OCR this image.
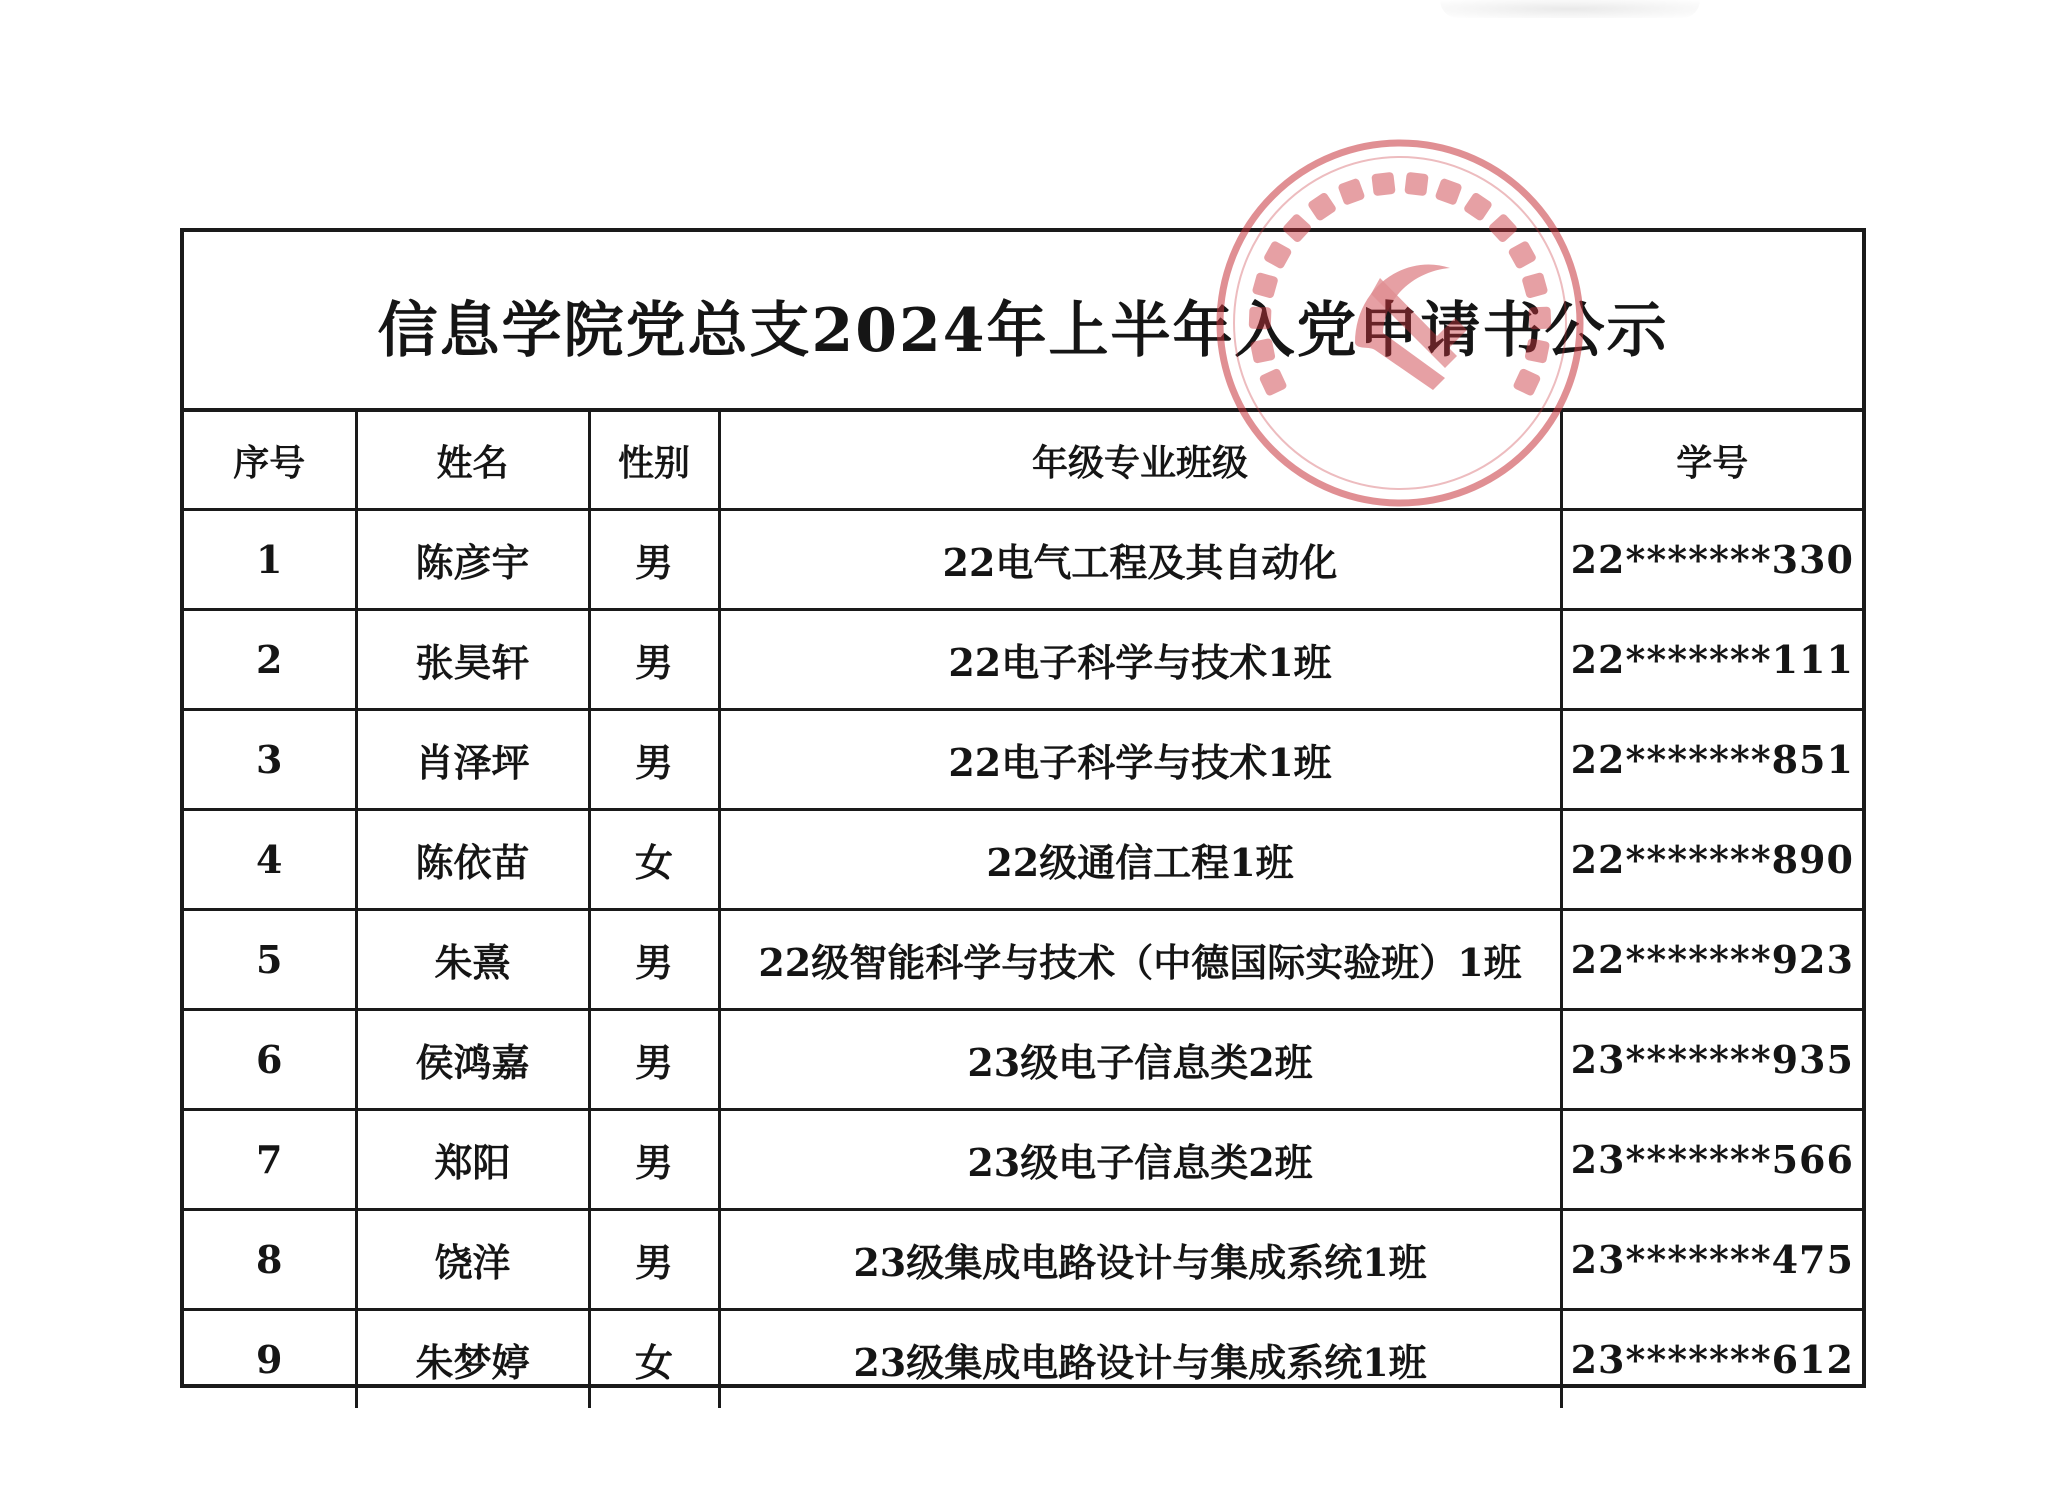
信息学院党总支2024年上半年入党申请书公示
序号	姓名	性别	年级专业班级	学号
1	陈彦宇	男	22电气工程及其自动化	22*******330
2	张昊轩	男	22电子科学与技术1班	22*******111
3	肖泽坪	男	22电子科学与技术1班	22*******851
4	陈依苗	女	22级通信工程1班	22*******890
5	朱熹	男	22级智能科学与技术（中德国际实验班）1班	22*******923
6	侯鸿嘉	男	23级电子信息类2班	23*******935
7	郑阳	男	23级电子信息类2班	23*******566
8	饶洋	男	23级集成电路设计与集成系统1班	23*******475
9	朱梦婷	女	23级集成电路设计与集成系统1班	23*******612
